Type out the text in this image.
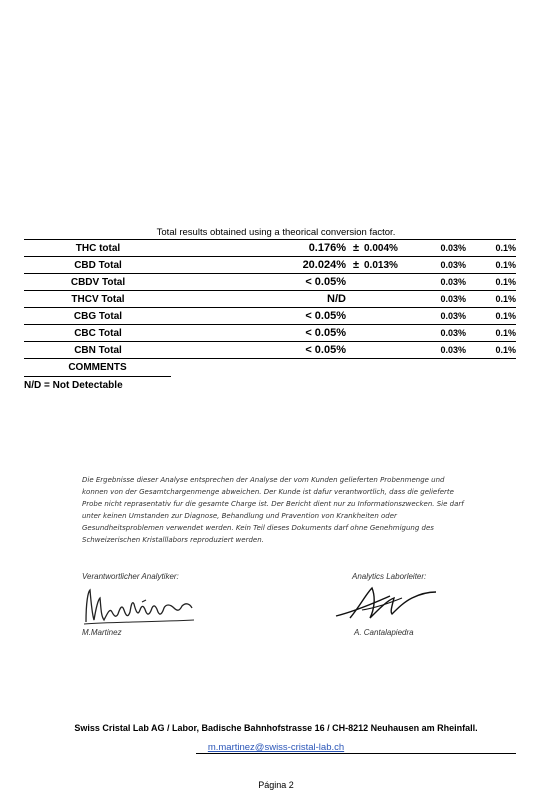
Total results obtained using a theorical conversion factor.
THC total	0.176%	±	0.004%	0.03%	0.1%
CBD Total	20.024%	±	0.013%	0.03%	0.1%
CBDV Total	< 0.05%			0.03%	0.1%
THCV Total	N/D			0.03%	0.1%
CBG Total	< 0.05%			0.03%	0.1%
CBC Total	< 0.05%			0.03%	0.1%
CBN Total	< 0.05%			0.03%	0.1%
COMMENTS
N/D = Not Detectable
Die Ergebnisse dieser Analyse entsprechen der Analyse der vom Kunden gelieferten Probenmenge und konnen von der Gesamtchargenmenge abweichen. Der Kunde ist dafur verantwortlich, dass die gelieferte Probe nicht reprasentativ fur die gesamte Charge ist. Der Bericht dient nur zu Informationszwecken. Sie darf unter keinen Umstanden zur Diagnose, Behandlung und Pravention von Krankheiten oder Gesundheitsproblemen verwendet werden. Kein Teil dieses Dokuments darf ohne Genehmigung des Schweizerischen Kristalllabors reproduziert werden.
Verantwortlicher Analytiker:	Analytics Laborleiter:
M.Martinez	A. Cantalapiedra
Swiss Cristal Lab AG / Labor, Badische Bahnhofstrasse 16 / CH-8212 Neuhausen am Rheinfall.
m.martinez@swiss-cristal-lab.ch
Página 2
